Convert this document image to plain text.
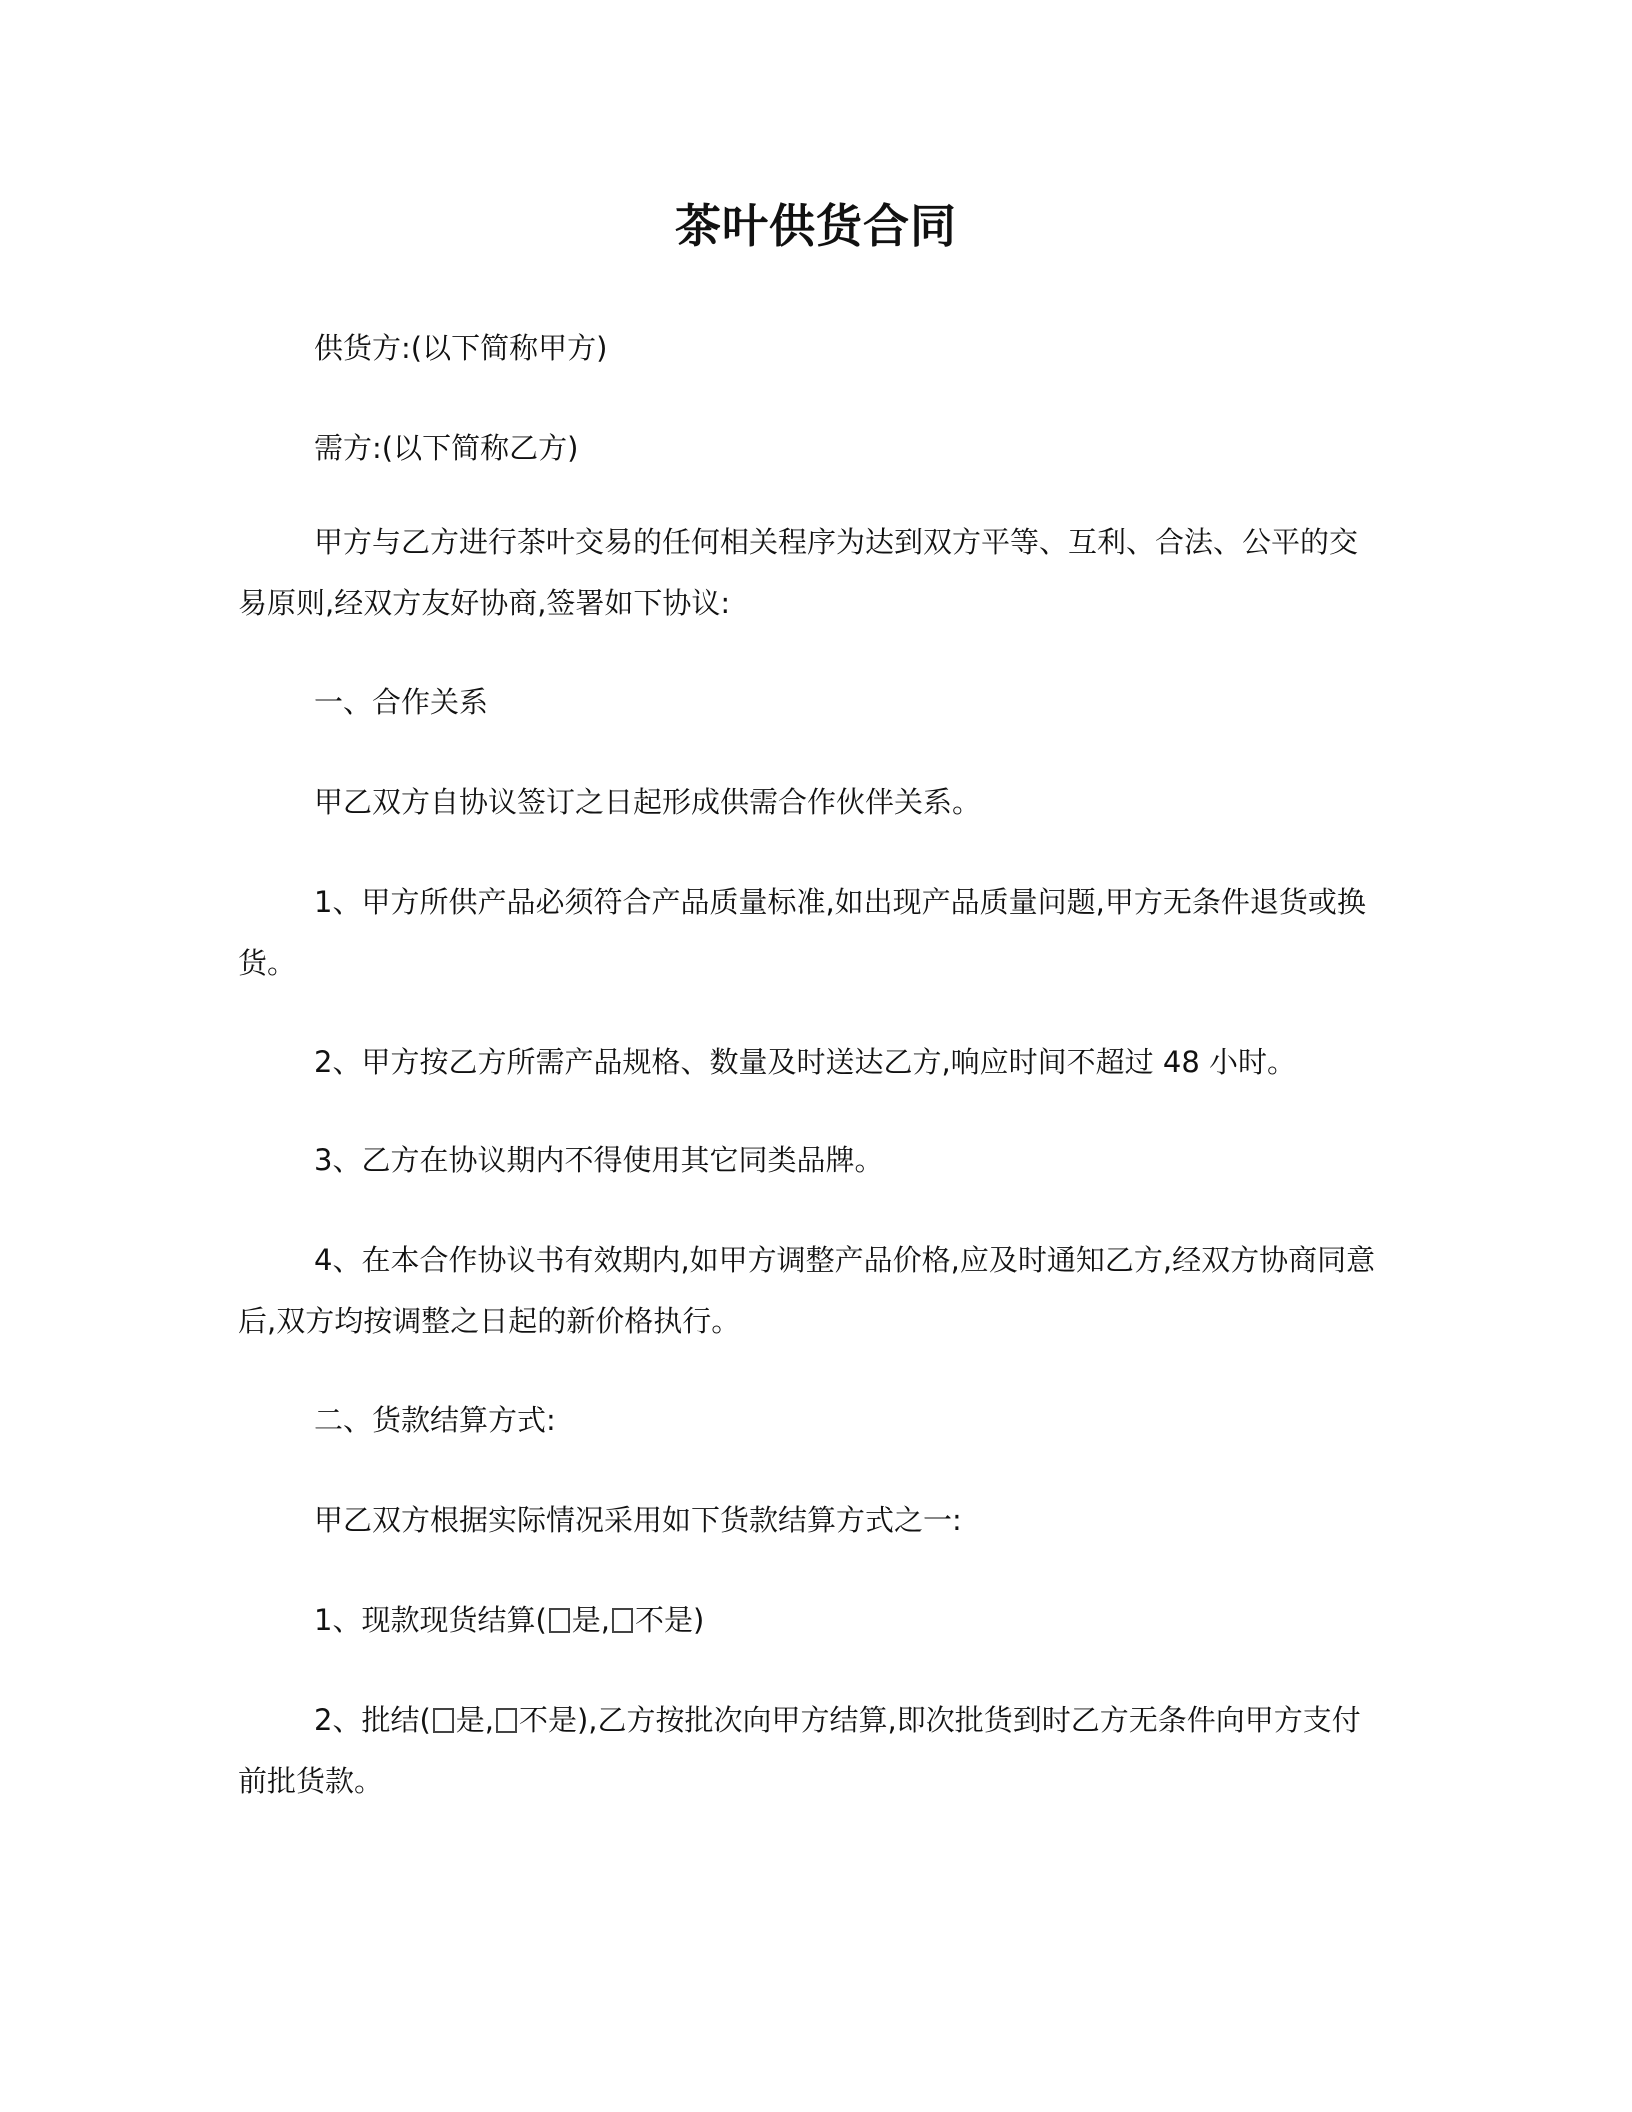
茶叶供货合同
供货方:(以下简称甲方)
需方:(以下简称乙方)
甲方与乙方进行茶叶交易的任何相关程序为达到双方平等、互利、合法、公平的交易原则,经双方友好协商,签署如下协议:
一、合作关系
甲乙双方自协议签订之日起形成供需合作伙伴关系。
1、甲方所供产品必须符合产品质量标准,如出现产品质量问题,甲方无条件退货或换货。
2、甲方按乙方所需产品规格、数量及时送达乙方,响应时间不超过 48 小时。
3、乙方在协议期内不得使用其它同类品牌。
4、在本合作协议书有效期内,如甲方调整产品价格,应及时通知乙方,经双方协商同意后,双方均按调整之日起的新价格执行。
二、货款结算方式:
甲乙双方根据实际情况采用如下货款结算方式之一:
1、现款现货结算( 是, 不是)
2、批结( 是, 不是),乙方按批次向甲方结算,即次批货到时乙方无条件向甲方支付前批货款。
